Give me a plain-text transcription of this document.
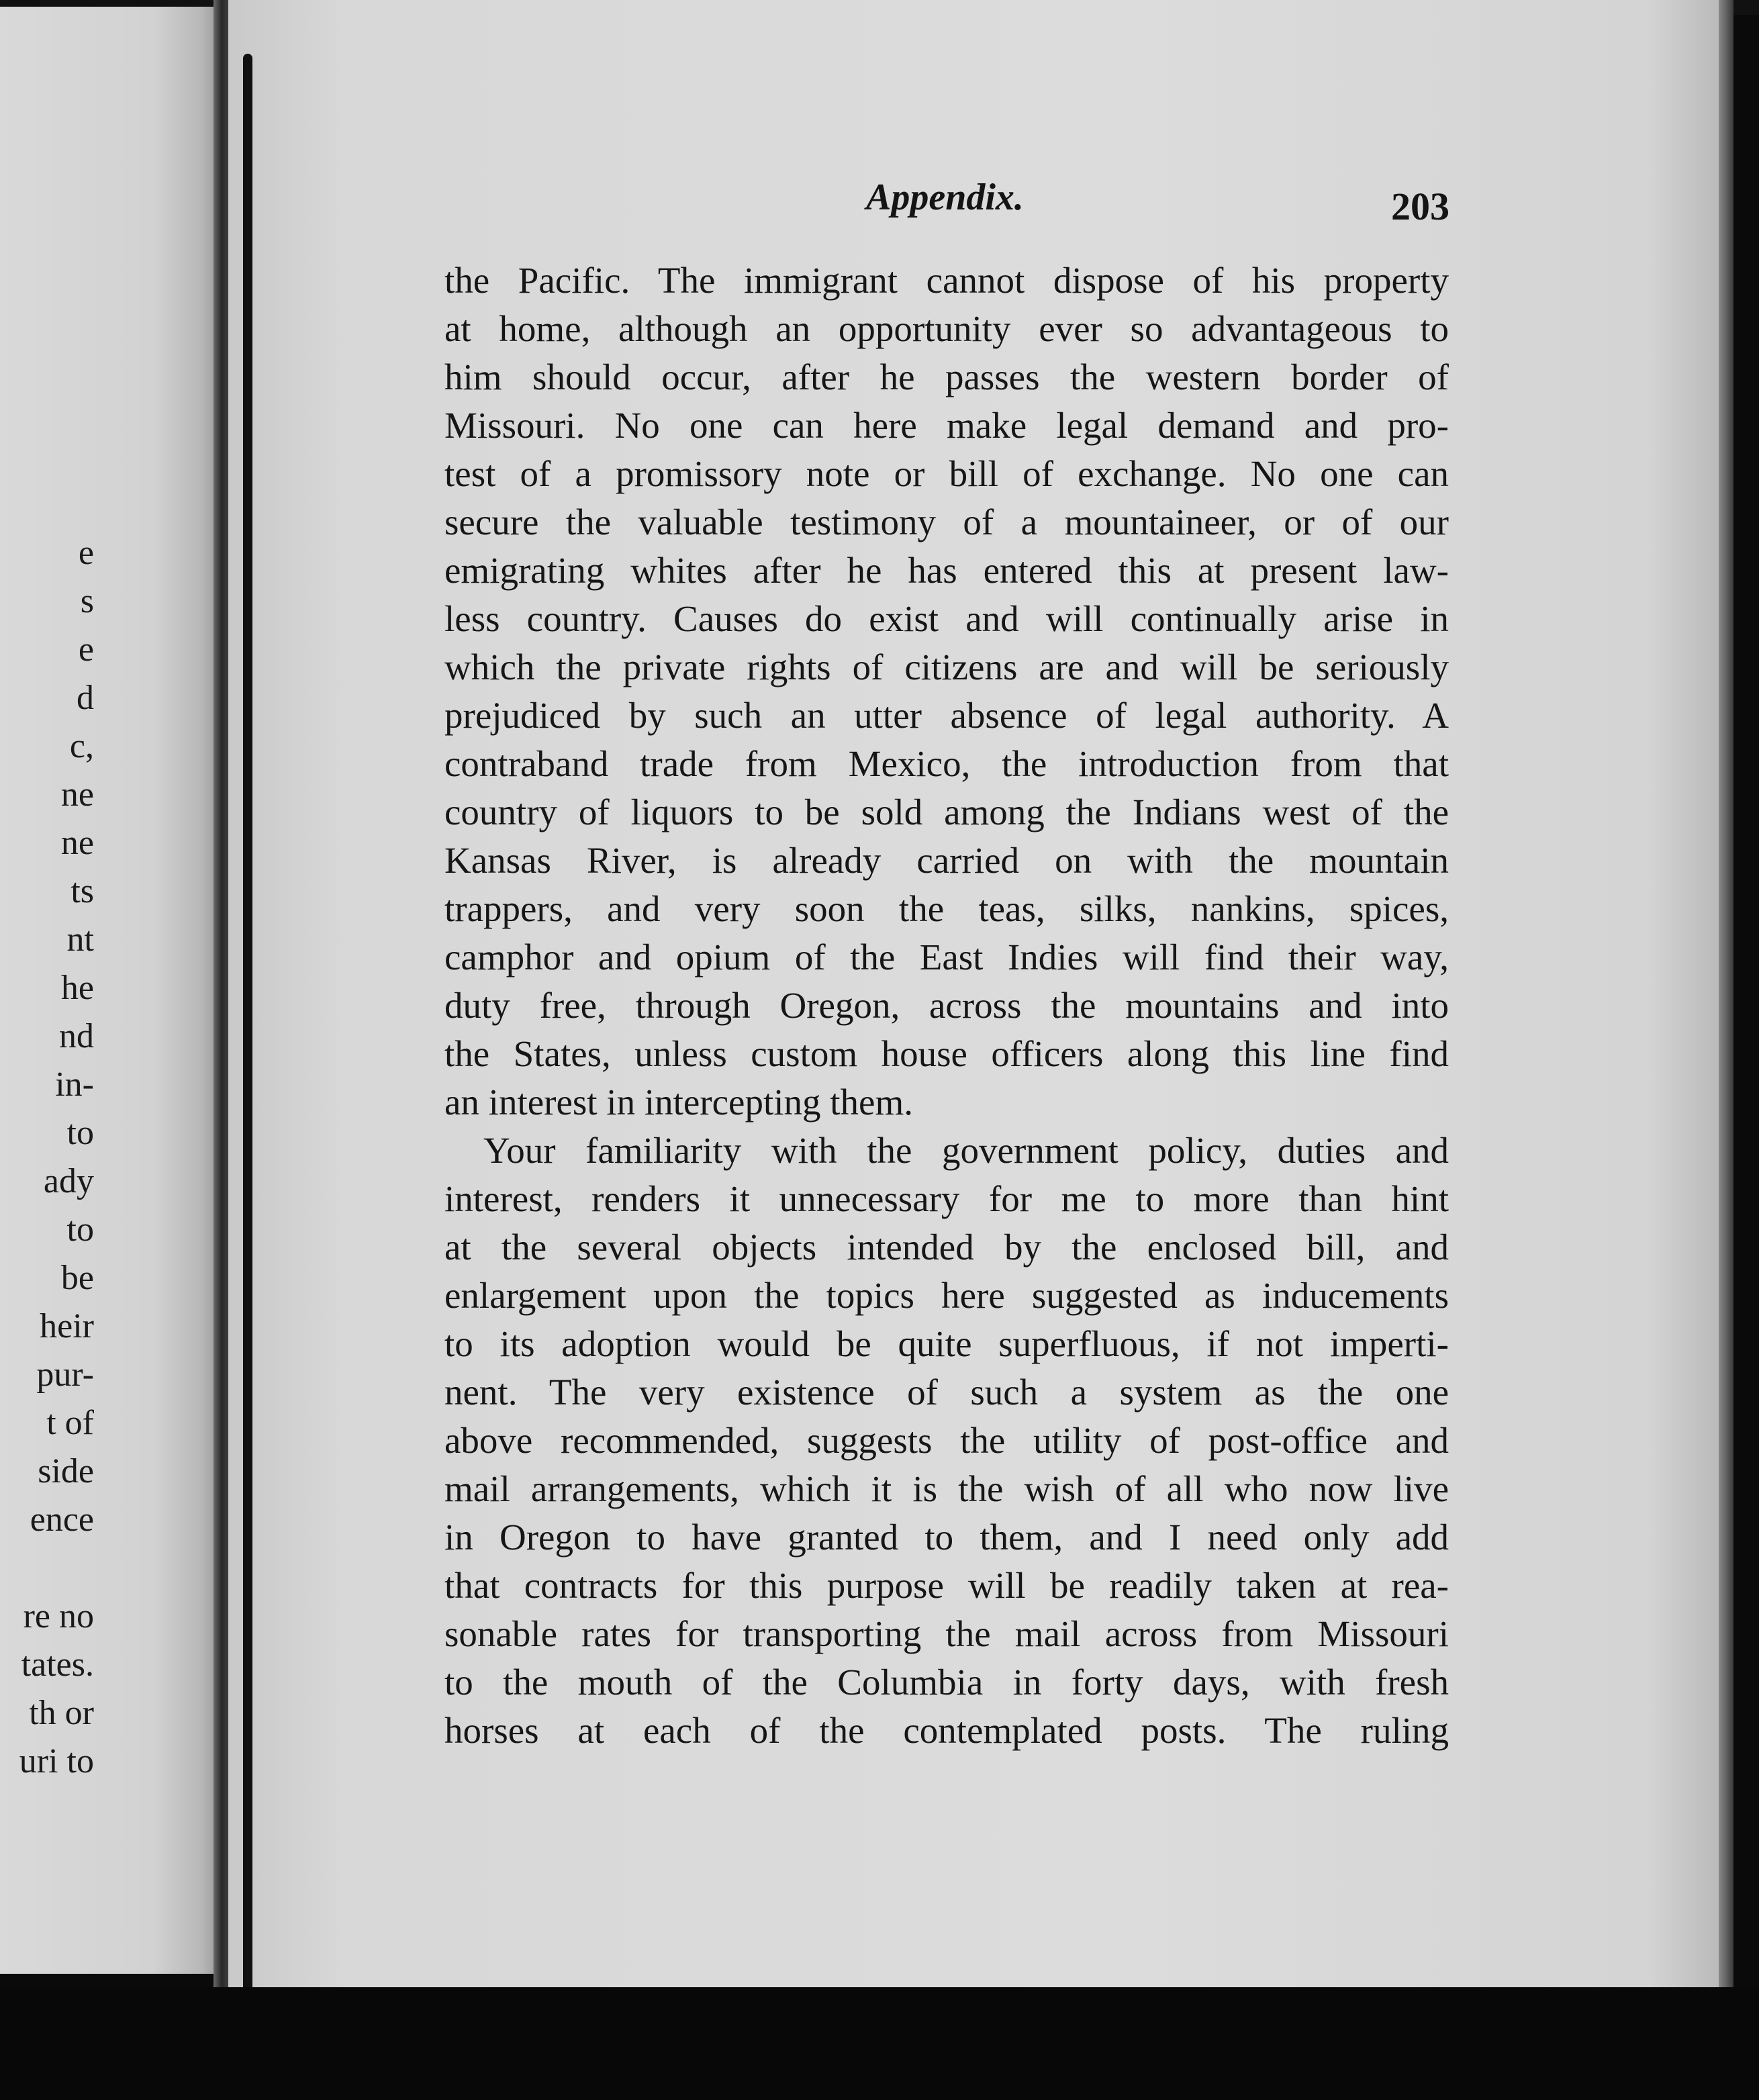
e
s
e
d
c,
ne
ne
ts
nt
he
nd
in-
to
ady
to
be
heir
pur-
t of
side
ence
re no
tates.
th or
uri to
Appendix.	203
the Pacific. The immigrant cannot dispose of his property
at home, although an opportunity ever so advantageous to
him should occur, after he passes the western border of
Missouri. No one can here make legal demand and pro-
test of a promissory note or bill of exchange. No one can
secure the valuable testimony of a mountaineer, or of our
emigrating whites after he has entered this at present law-
less country. Causes do exist and will continually arise in
which the private rights of citizens are and will be seriously
prejudiced by such an utter absence of legal authority. A
contraband trade from Mexico, the introduction from that
country of liquors to be sold among the Indians west of the
Kansas River, is already carried on with the mountain
trappers, and very soon the teas, silks, nankins, spices,
camphor and opium of the East Indies will find their way,
duty free, through Oregon, across the mountains and into
the States, unless custom house officers along this line find
an interest in intercepting them.
Your familiarity with the government policy, duties and
interest, renders it unnecessary for me to more than hint
at the several objects intended by the enclosed bill, and
enlargement upon the topics here suggested as inducements
to its adoption would be quite superfluous, if not imperti-
nent. The very existence of such a system as the one
above recommended, suggests the utility of post-office and
mail arrangements, which it is the wish of all who now live
in Oregon to have granted to them, and I need only add
that contracts for this purpose will be readily taken at rea-
sonable rates for transporting the mail across from Missouri
to the mouth of the Columbia in forty days, with fresh
horses at each of the contemplated posts. The ruling
